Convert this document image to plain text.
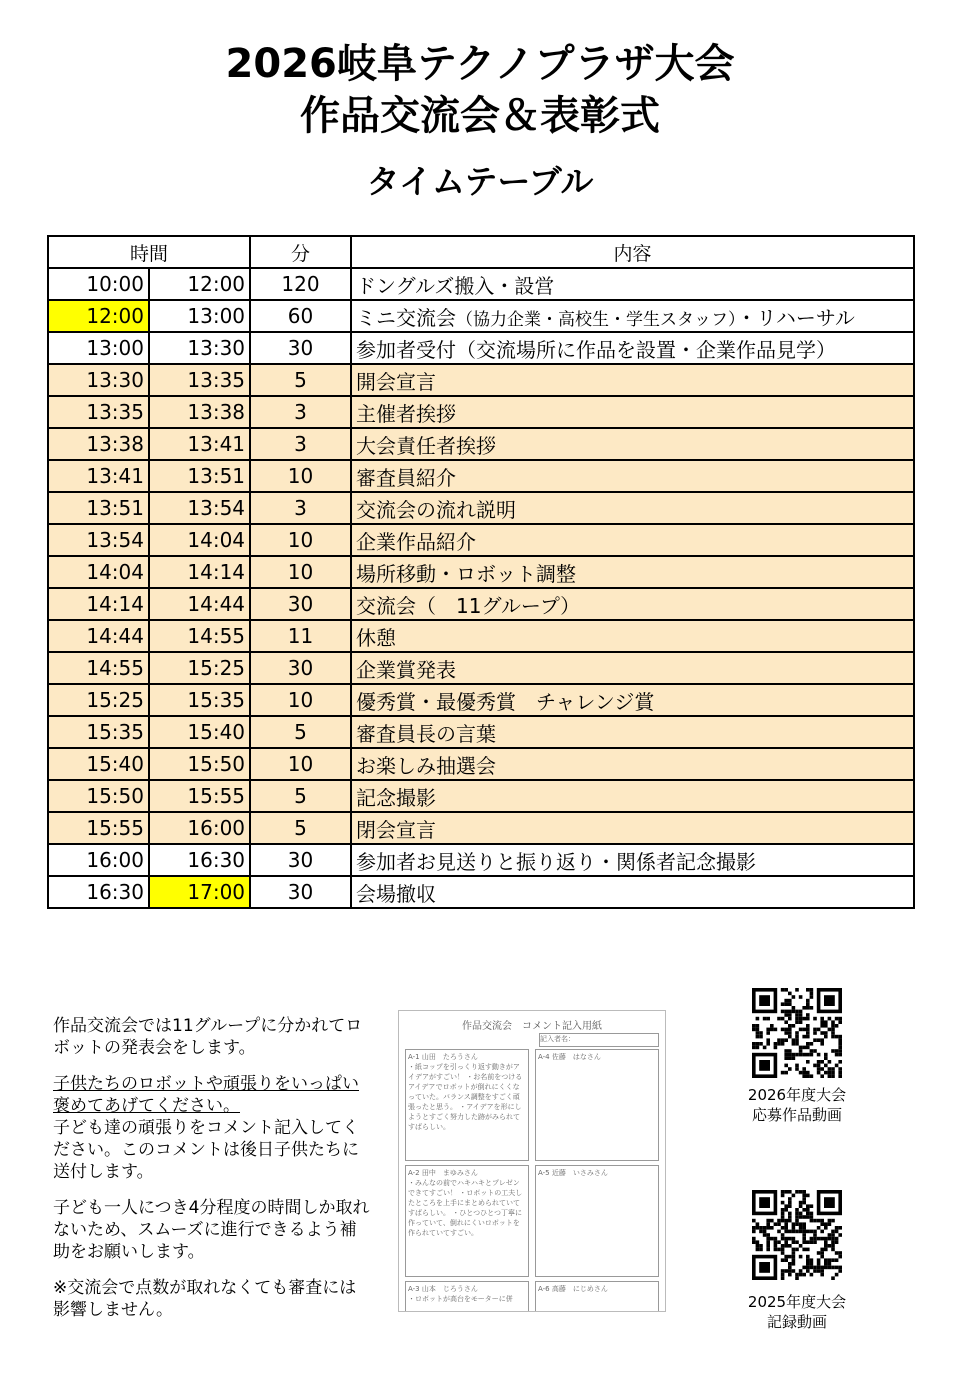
2026岐阜テクノプラザ大会
作品交流会＆表彰式
タイムテーブル
時間		分	内容
10:00	12:00	120	ドングルズ搬入・設営
12:00	13:00	60	ミニ交流会（協力企業・高校生・学生スタッフ）・リハーサル
13:00	13:30	30	参加者受付（交流場所に作品を設置・企業作品見学）
13:30	13:35	5	開会宣言
13:35	13:38	3	主催者挨拶
13:38	13:41	3	大会責任者挨拶
13:41	13:51	10	審査員紹介
13:51	13:54	3	交流会の流れ説明
13:54	14:04	10	企業作品紹介
14:04	14:14	10	場所移動・ロボット調整
14:14	14:44	30	交流会（　11グループ）
14:44	14:55	11	休憩
14:55	15:25	30	企業賞発表
15:25	15:35	10	優秀賞・最優秀賞　チャレンジ賞
15:35	15:40	5	審査員長の言葉
15:40	15:50	10	お楽しみ抽選会
15:50	15:55	5	記念撮影
15:55	16:00	5	閉会宣言
16:00	16:30	30	参加者お見送りと振り返り・関係者記念撮影
16:30	17:00	30	会場撤収

作品交流会では11グループに分かれてロボットの発表会をします。

子供たちのロボットや頑張りをいっぱい褒めてあげてください。

子ども達の頑張りをコメント記入してください。このコメントは後日子供たちに送付します。

子ども一人につき4分程度の時間しか取れないため、スムーズに進行できるよう補助をお願いします。

※交流会で点数が取れなくても審査には影響しません。

作品交流会　コメント記入用紙
記入者名：
A-1 山田　たろうさん
・紙コップを引っくり返す動きがアイデアがすごい！ ・お名前をつけるアイデアでロボットが倒れにくくなっていた。バランス調整をすごく頑張ったと思う。 ・アイデアを形にしようとすごく努力した跡がみられてすばらしい。
A-4 佐藤　はなさん
A-2 田中　まゆみさん
・みんなの前でハキハキとプレゼンできてすごい！ ・ロボットの工夫したところを上手にまとめられていてすばらしい。 ・ひとつひとつ丁寧に作っていて、倒れにくいロボットを作られていてすごい。
A-5 近藤　いさみさん
A-3 山本　じろうさん
・ロボットが高台をモーターに併
A-6 高藤　にじめさん
2026年度大会
応募作品動画
2025年度大会
記録動画
